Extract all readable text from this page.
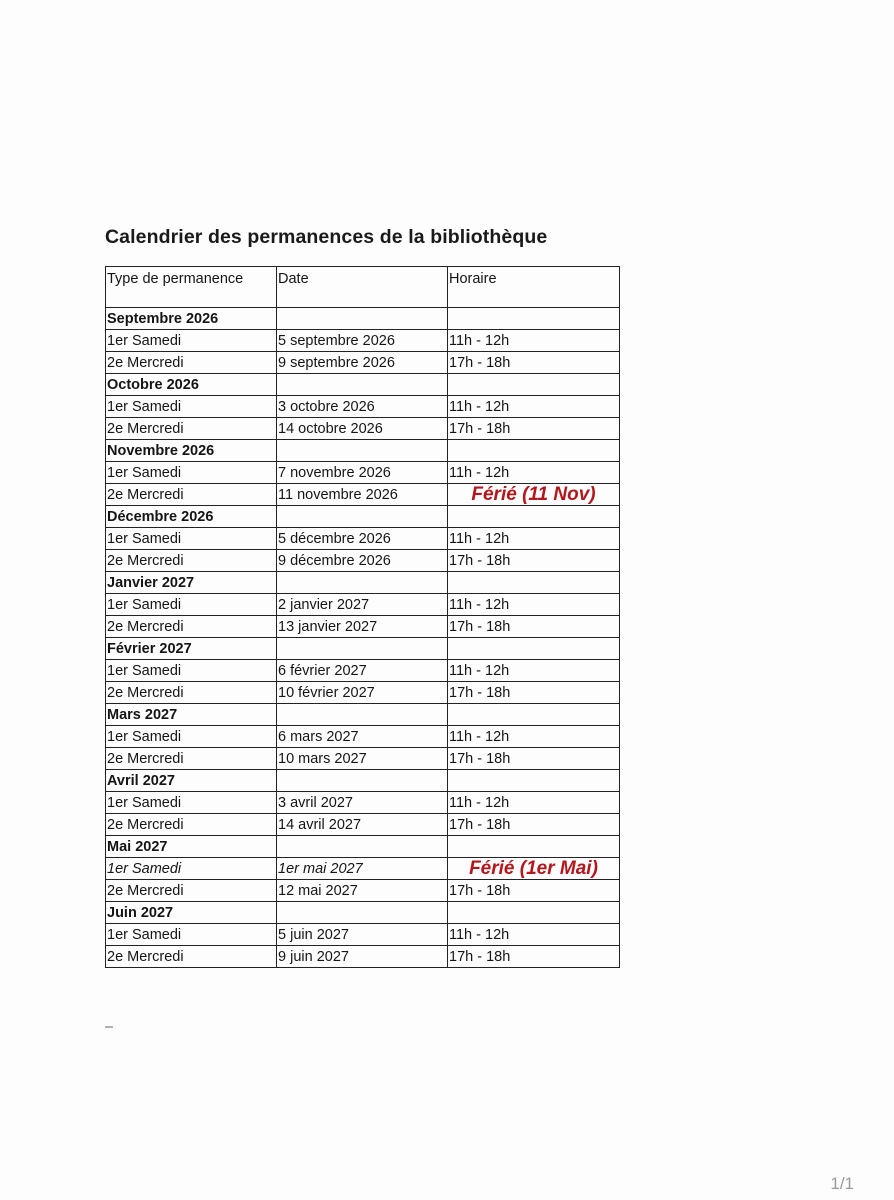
Calendrier des permanences de la bibliothèque
Type de permanence	Date	Horaire
Septembre 2026		
1er Samedi	5 septembre 2026	11h - 12h
2e Mercredi	9 septembre 2026	17h - 18h
Octobre 2026		
1er Samedi	3 octobre 2026	11h - 12h
2e Mercredi	14 octobre 2026	17h - 18h
Novembre 2026		
1er Samedi	7 novembre 2026	11h - 12h
2e Mercredi	11 novembre 2026	Férié (11 Nov)
Décembre 2026		
1er Samedi	5 décembre 2026	11h - 12h
2e Mercredi	9 décembre 2026	17h - 18h
Janvier 2027		
1er Samedi	2 janvier 2027	11h - 12h
2e Mercredi	13 janvier 2027	17h - 18h
Février 2027		
1er Samedi	6 février 2027	11h - 12h
2e Mercredi	10 février 2027	17h - 18h
Mars 2027		
1er Samedi	6 mars 2027	11h - 12h
2e Mercredi	10 mars 2027	17h - 18h
Avril 2027		
1er Samedi	3 avril 2027	11h - 12h
2e Mercredi	14 avril 2027	17h - 18h
Mai 2027		
1er Samedi	1er mai 2027	Férié (1er Mai)
2e Mercredi	12 mai 2027	17h - 18h
Juin 2027		
1er Samedi	5 juin 2027	11h - 12h
2e Mercredi	9 juin 2027	17h - 18h
1/1
